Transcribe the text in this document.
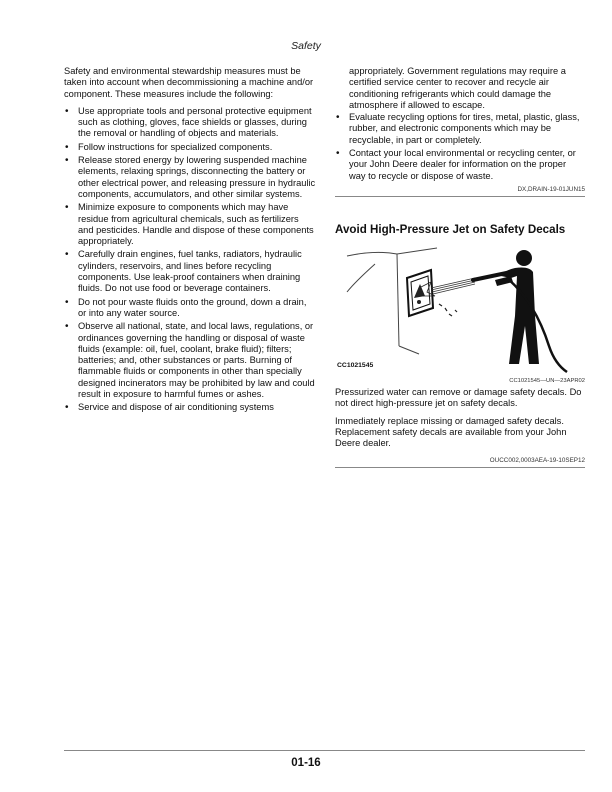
Safety

Safety and environmental stewardship measures must be taken into account when decommissioning a machine and/or component. These measures include the following:

• Use appropriate tools and personal protective equipment such as clothing, gloves, face shields or glasses, during the removal or handling of objects and materials.
• Follow instructions for specialized components.
• Release stored energy by lowering suspended machine elements, relaxing springs, disconnecting the battery or other electrical power, and releasing pressure in hydraulic components, accumulators, and other similar systems.
• Minimize exposure to components which may have residue from agricultural chemicals, such as fertilizers and pesticides. Handle and dispose of these components appropriately.
• Carefully drain engines, fuel tanks, radiators, hydraulic cylinders, reservoirs, and lines before recycling components. Use leak-proof containers when draining fluids. Do not use food or beverage containers.
• Do not pour waste fluids onto the ground, down a drain, or into any water source.
• Observe all national, state, and local laws, regulations, or ordinances governing the handling or disposal of waste fluids (example: oil, fuel, coolant, brake fluid); filters; batteries; and, other substances or parts. Burning of flammable fluids or components in other than specially designed incinerators may be prohibited by law and could result in exposure to harmful fumes or ashes.
• Service and dispose of air conditioning systems
appropriately. Government regulations may require a certified service center to recover and recycle air conditioning refrigerants which could damage the atmosphere if allowed to escape.
• Evaluate recycling options for tires, metal, plastic, glass, rubber, and electronic components which may be recyclable, in part or completely.
• Contact your local environmental or recycling center, or your John Deere dealer for information on the proper way to recycle or dispose of waste.
DX,DRAIN-19-01JUN15
Avoid High-Pressure Jet on Safety Decals
CC1021545
CC1021545—UN—23APR02

Pressurized water can remove or damage safety decals. Do not direct high-pressure jet on safety decals.

Immediately replace missing or damaged safety decals. Replacement safety decals are available from your John Deere dealer.

OUCC002,0003AEA-19-10SEP12
01-16
